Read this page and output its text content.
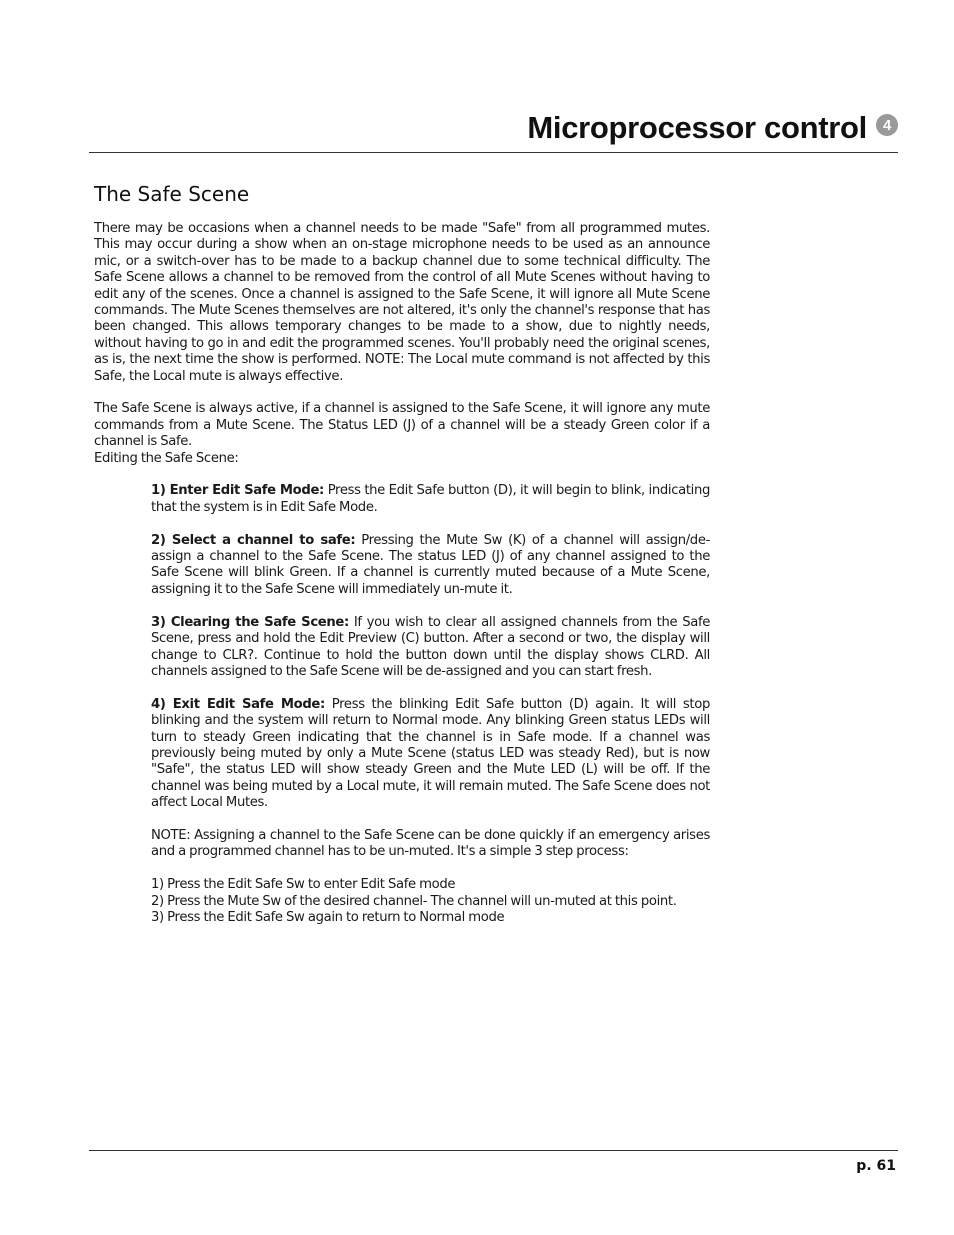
Microprocessor control	4
The Safe Scene

There may be occasions when a channel needs to be made "Safe" from all programmed mutes. This may occur during a show when an on-stage microphone needs to be used as an announce mic, or a switch-over has to be made to a backup channel due to some technical difficulty. The Safe Scene allows a channel to be removed from the control of all Mute Scenes without having to edit any of the scenes. Once a channel is assigned to the Safe Scene, it will ignore all Mute Scene commands. The Mute Scenes themselves are not altered, it's only the channel's response that has been changed. This allows temporary changes to be made to a show, due to nightly needs, without having to go in and edit the programmed scenes. You'll probably need the original scenes, as is, the next time the show is performed. NOTE: The Local mute command is not affected by this Safe, the Local mute is always effective.

The Safe Scene is always active, if a channel is assigned to the Safe Scene, it will ignore any mute commands from a Mute Scene. The Status LED (J) of a channel will be a steady Green color if a channel is Safe.

Editing the Safe Scene:

1) Enter Edit Safe Mode: Press the Edit Safe button (D), it will begin to blink, indicating that the system is in Edit Safe Mode.

2) Select a channel to safe: Pressing the Mute Sw (K) of a channel will assign/de-assign a channel to the Safe Scene. The status LED (J) of any channel assigned to the Safe Scene will blink Green. If a channel is currently muted because of a Mute Scene, assigning it to the Safe Scene will immediately un-mute it.

3) Clearing the Safe Scene: If you wish to clear all assigned channels from the Safe Scene, press and hold the Edit Preview (C) button. After a second or two, the display will change to CLR?. Continue to hold the button down until the display shows CLRD. All channels assigned to the Safe Scene will be de-assigned and you can start fresh.

4) Exit Edit Safe Mode: Press the blinking Edit Safe button (D) again. It will stop blinking and the system will return to Normal mode. Any blinking Green status LEDs will turn to steady Green indicating that the channel is in Safe mode. If a channel was previously being muted by only a Mute Scene (status LED was steady Red), but is now "Safe", the status LED will show steady Green and the Mute LED (L) will be off. If the channel was being muted by a Local mute, it will remain muted. The Safe Scene does not affect Local Mutes.

NOTE: Assigning a channel to the Safe Scene can be done quickly if an emergency arises and a programmed channel has to be un-muted. It's a simple 3 step process:

1) Press the Edit Safe Sw to enter Edit Safe mode
2) Press the Mute Sw of the desired channel- The channel will un-muted at this point.
3) Press the Edit Safe Sw again to return to Normal mode
p. 61
